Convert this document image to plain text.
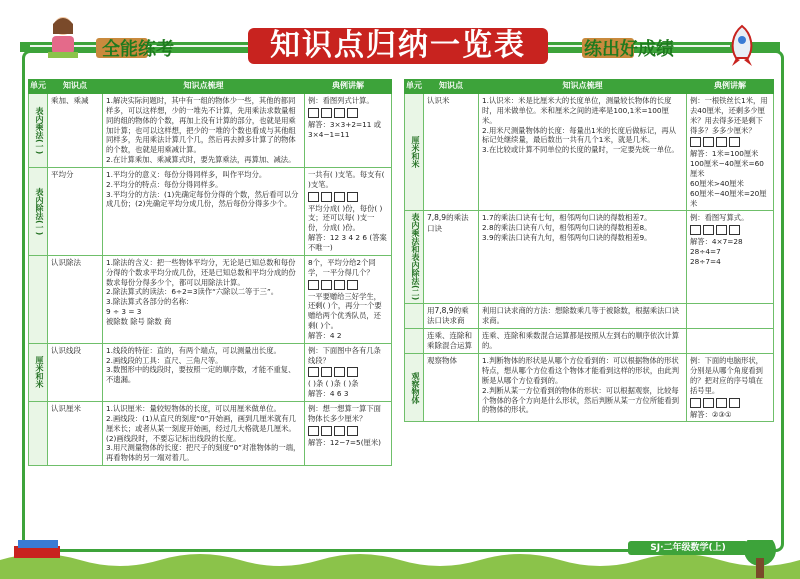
全能练考	知识点归纳一览表	练出好成绩
单元	知识点	知识点梳理	典例讲解
表内乘法(一)	乘加、乘减	1.解决实际问题时，其中有一组的物体少一些，其他的都同样多，可以这样想，少的一堆先不计算，先用乘法求数量相同的组的物体的个数，再加上没有计算的部分，也就是用乘加计算；也可以这样想，把少的一堆的个数也看成与其他组同样多，先用乘法计算几个几，然后再去掉多计算了的物体的个数，也就是用乘减计算。
2.在计算乘加、乘减算式时，要先算乘法，再算加、减法。	例：看图列式计算。
解答：3×3+2=11 或3×4−1=11

表内除法(一)	平均分	1.平均分的意义：每份分得同样多，叫作平均分。
2.平均分的特点：每份分得同样多。
3.平均分的方法：(1)先确定每份分得的个数，然后看可以分成几份；(2)先确定平均分成几份，然后每份分得多少个。	一共有( )支笔。每支有( )支笔。
平均分成( )份，每份( )支；还可以每( )支一份，分成( )份。
解答：12 3 4 2 6 (答案不唯一)

	认识除法	1.除法的含义：把一些物体平均分，无论是已知总数和每份分得的个数求平均分成几份，还是已知总数和平均分成的份数求每份分得多少个，都可以用除法计算。
2.除法算式的读法：6÷2=3读作“六除以二等于三”。
3.除法算式各部分的名称：
9 ÷ 3 = 3
被除数 除号 除数 商	8个，平均分给2个同学，一平分得几个？
一平要赠给三好学生，还剩( )个，再分一个要赠给两个优秀队员，还剩( )个。
解答：4 2

厘米和米	认识线段	1.线段的特征：直的，有两个端点，可以测量出长度。
2.画线段的工具：直尺、三角尺等。
3.数图形中的线段时，要按照一定的顺序数，才能不重复、不遗漏。	例：下面图中各有几条线段？
( )条 ( )条 ( )条
解答：4 6 3

	认识厘米	1.认识厘米：量较短物体的长度，可以用厘米做单位。
2.画线段：(1)从直尺的刻度“0”开始画，画到几厘米就有几厘米长；或者从某一刻度开始画，经过几大格就是几厘米。(2)画线段时，不要忘记标出线段的长度。
3.用尺测量物体的长度：把尺子的刻度“0”对准物体的一端，再看物体的另一端对着几。	例：想一想算一算下面物体长多少厘米？
解答：12−7=5(厘米)
单元	知识点	知识点梳理	典例讲解
厘米和米	认识米	1.认识米：米是比厘米大的长度单位，测量较长物体的长度时，用米做单位。米和厘米之间的进率是100,1米=100厘米。
2.用米尺测量物体的长度：每量出1米的长度后做标记，再从标记处继续量，最后数出一共有几个1米，就是几米。
3.在比较或计算不同单位的长度的量时，一定要先统一单位。	例：一根铁丝长1米，用去40厘米，还剩多少厘米？用去得多还是剩下得多？多多少厘米？
解答：1米=100厘米
100厘米−40厘米=60厘米
60厘米>40厘米
60厘米−40厘米=20厘米

表内乘法和表内除法(二)	7,8,9的乘法口诀	1.7的乘法口诀有七句，相邻两句口诀的得数相差7。
2.8的乘法口诀有八句，相邻两句口诀的得数相差8。
3.9的乘法口诀有九句，相邻两句口诀的得数相差9。	例：看图写算式。
解答：4×7=28
28÷4=7
28÷7=4

	用7,8,9的乘法口诀求商	利用口诀求商的方法：想除数乘几等于被除数，根据乘法口诀求商。	

	连乘、连除和乘除混合运算	连乘、连除和乘数混合运算都是按照从左到右的顺序依次计算的。	

观察物体	观察物体	1.判断物体的形状是从哪个方位看到的：可以根据物体的形状特点，想从哪个方位看这个物体才能看到这样的形状，由此判断是从哪个方位看到的。
2.判断从某一方位看到的物体的形状：可以根据观察，比较每个物体的各个方向是什么形状，然后判断从某一方位所能看到的物体的形状。	例：下面的电脑形状，分别是从哪个角度看到的？把对应的序号填在括号里。
解答：②③①
SJ·二年级数学(上)
